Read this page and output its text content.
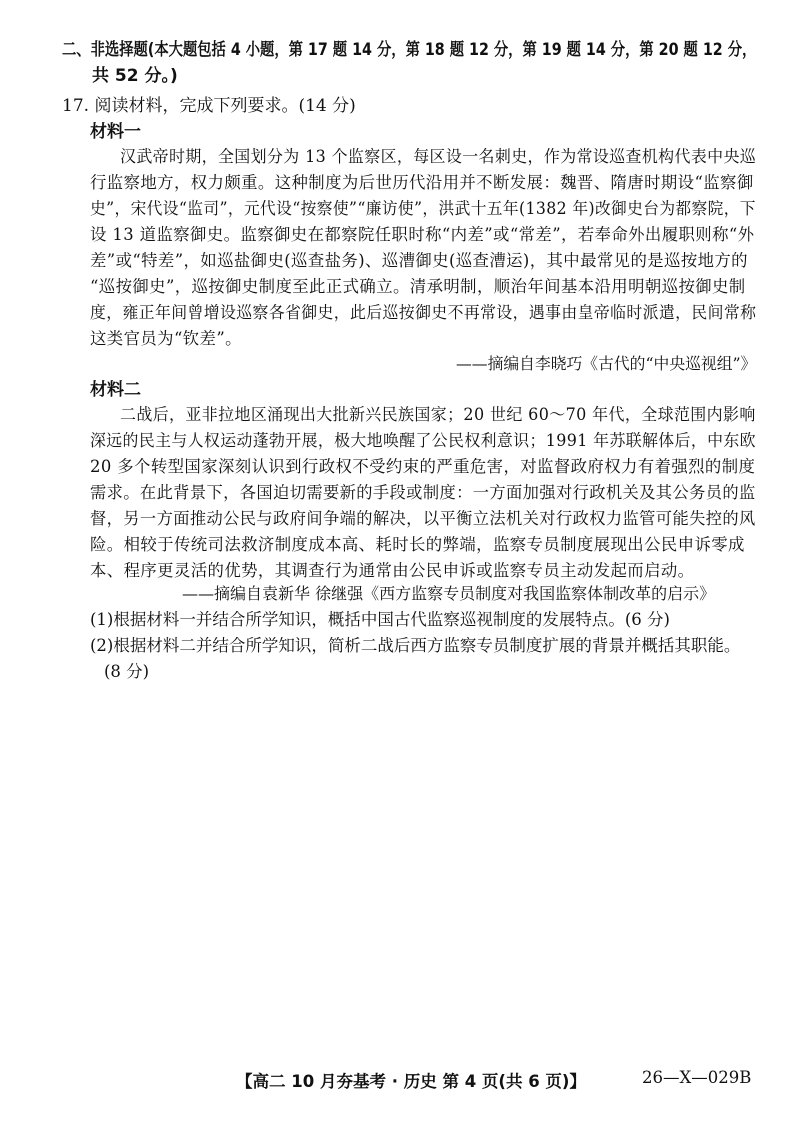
二、非选择题(本大题包括 4 小题，第 17 题 14 分，第 18 题 12 分，第 19 题 14 分，第 20 题 12 分，
共 52 分。)
17. 阅读材料，完成下列要求。(14 分)
材料一
汉武帝时期，全国划分为 13 个监察区，每区设一名刺史，作为常设巡查机构代表中央巡
行监察地方，权力颇重。这种制度为后世历代沿用并不断发展：魏晋、隋唐时期设“监察御
史”，宋代设“监司”，元代设“按察使”“廉访使”，洪武十五年(1382 年)改御史台为都察院，下
设 13 道监察御史。监察御史在都察院任职时称“内差”或“常差”，若奉命外出履职则称“外
差”或“特差”，如巡盐御史(巡查盐务)、巡漕御史(巡查漕运)，其中最常见的是巡按地方的
“巡按御史”，巡按御史制度至此正式确立。清承明制，顺治年间基本沿用明朝巡按御史制
度，雍正年间曾增设巡察各省御史，此后巡按御史不再常设，遇事由皇帝临时派遣，民间常称
这类官员为“钦差”。
——摘编自李晓巧《古代的“中央巡视组”》
材料二
二战后，亚非拉地区涌现出大批新兴民族国家；20 世纪 60～70 年代，全球范围内影响
深远的民主与人权运动蓬勃开展，极大地唤醒了公民权利意识；1991 年苏联解体后，中东欧
20 多个转型国家深刻认识到行政权不受约束的严重危害，对监督政府权力有着强烈的制度
需求。在此背景下，各国迫切需要新的手段或制度：一方面加强对行政机关及其公务员的监
督，另一方面推动公民与政府间争端的解决，以平衡立法机关对行政权力监管可能失控的风
险。相较于传统司法救济制度成本高、耗时长的弊端，监察专员制度展现出公民申诉零成
本、程序更灵活的优势，其调查行为通常由公民申诉或监察专员主动发起而启动。
——摘编自袁新华 徐继强《西方监察专员制度对我国监察体制改革的启示》
(1)根据材料一并结合所学知识，概括中国古代监察巡视制度的发展特点。(6 分)
(2)根据材料二并结合所学知识，简析二战后西方监察专员制度扩展的背景并概括其职能。
(8 分)
【高二 10 月夯基考 · 历史 第 4 页(共 6 页)】	26—X—029B
